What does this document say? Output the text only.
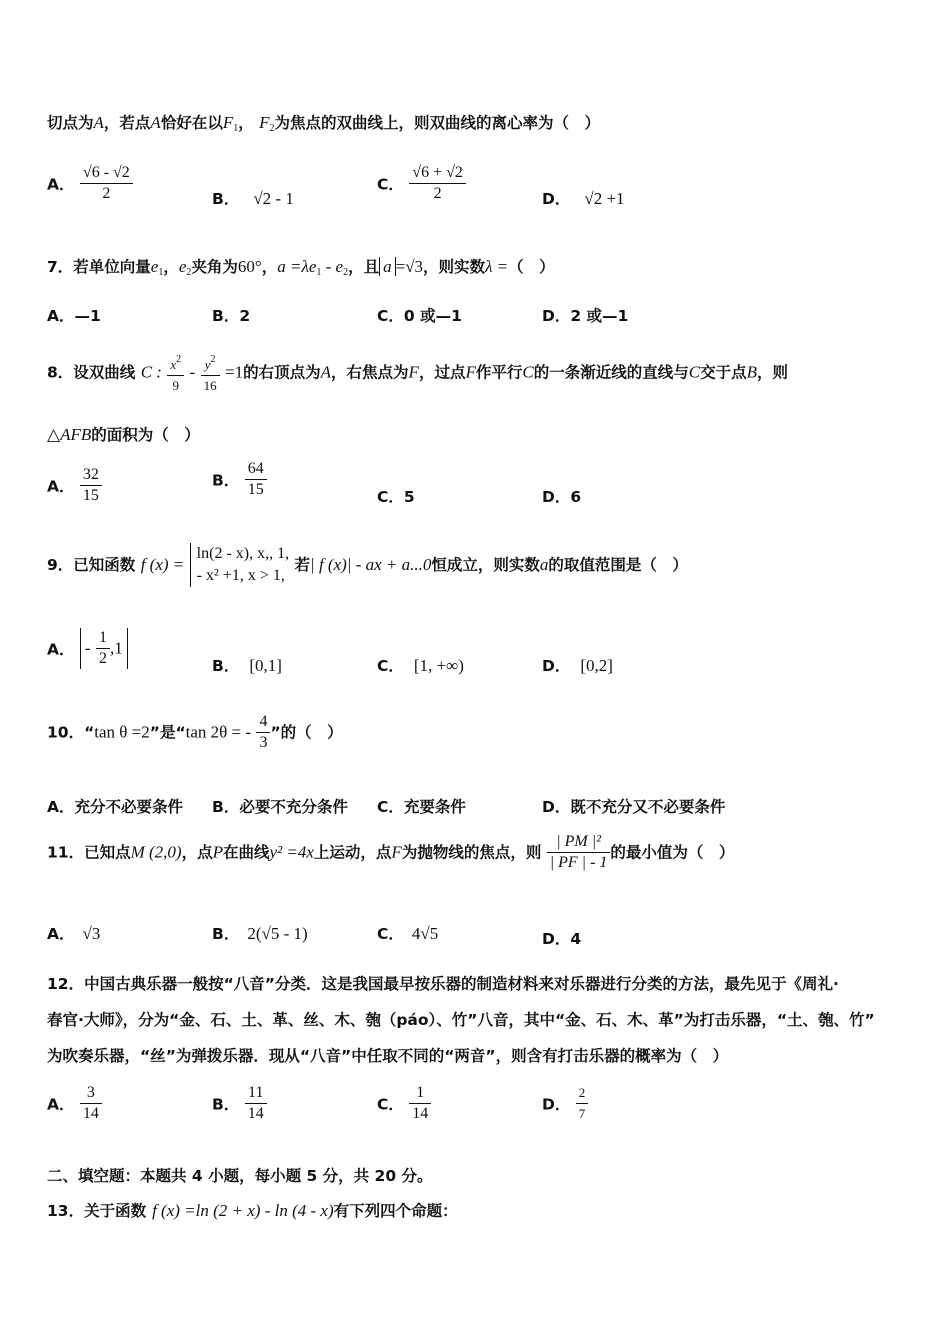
切点为A，若点A恰好在以$F_1$， $F_2$为焦点的双曲线上，则双曲线的离心率为（　）
A． $\frac{√6 - √2}{2}$	B． √2 - 1
C． $\frac{√6 + √2}{2}$	D． √2 +1
7．若单位向量$e_1$，$e_2$夹角为60°，$a =\lambda e_1 - e_2$，且 a =√3，则实数λ =（　）
A．—1	B．2	C．0 或—1	D．2 或—1
8．设双曲线 C : $\frac{x^2}{9} - \frac{y^2}{16} =1$的右顶点为A，右焦点为F，过点F作平行C的一条渐近线的直线与C交于点B，则
△AFB的面积为（　）
A． $\frac{32}{15}$	B． $\frac{64}{15}$	C．5	D．6
9．已知函数 f (x) =
ln(2 - x), x,, 1,
- x² +1, x > 1,
若| f (x)| - ax + a...0恒成立，则实数a的取值范围是（　）
A． - $\frac{1}{2} ,1$
B． [0,1]	C． [1, +∞)	D． [0,2]
10．“tan θ =2”是“tan 2θ = - $\frac{4}{3}$ ”的（　）
A．充分不必要条件 B．必要不充分条件 C．充要条件	D．既不充分又不必要条件
11．已知点M (2,0)，点P在曲线y² =4x上运动，点F为抛物线的焦点，则 $\frac{\text{| PM |²}}{| PF | - 1}$ 的最小值为（　）
A． √3	B． 2(√5 - 1)	C． 4√5	D．4
12．中国古典乐器一般按“八音”分类．这是我国最早按乐器的制造材料来对乐器进行分类的方法，最先见于《周礼·
春官·大师》，分为“金、石、土、革、丝、木、匏（páo）、竹”八音，其中“金、石、木、革”为打击乐器，“土、匏、竹”
为吹奏乐器，“丝”为弹拨乐器．现从“八音”中任取不同的“两音”，则含有打击乐器的概率为（　）
A． $\frac{3}{14}$	B． $\frac{11}{14}$	C． $\frac{1}{14}$	D． $\frac{2}{7}$
二、填空题：本题共 4 小题，每小题 5 分，共 20 分。
13．关于函数 f (x) =ln (2 + x) - ln (4 - x)有下列四个命题：
